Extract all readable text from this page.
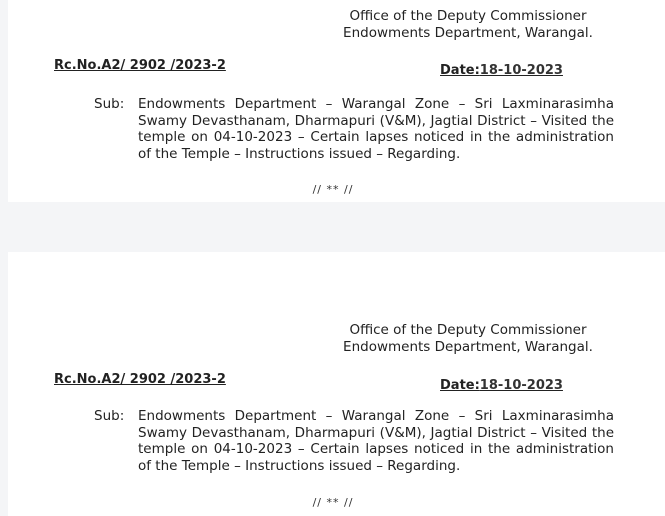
Office of the Deputy Commissioner
Endowments Department, Warangal.
Rc.No.A2/ 2902 /2023-2	Date:18-10-2023
Sub: Endowments Department – Warangal Zone – Sri Laxminarasimha Swamy Devasthanam, Dharmapuri (V&M), Jagtial District – Visited the temple on 04-10-2023 – Certain lapses noticed in the administration of the Temple – Instructions issued – Regarding.
// ** //
Office of the Deputy Commissioner
Endowments Department, Warangal.
Rc.No.A2/ 2902 /2023-2	Date:18-10-2023
Sub: Endowments Department – Warangal Zone – Sri Laxminarasimha Swamy Devasthanam, Dharmapuri (V&M), Jagtial District – Visited the temple on 04-10-2023 – Certain lapses noticed in the administration of the Temple – Instructions issued – Regarding.
// ** //
